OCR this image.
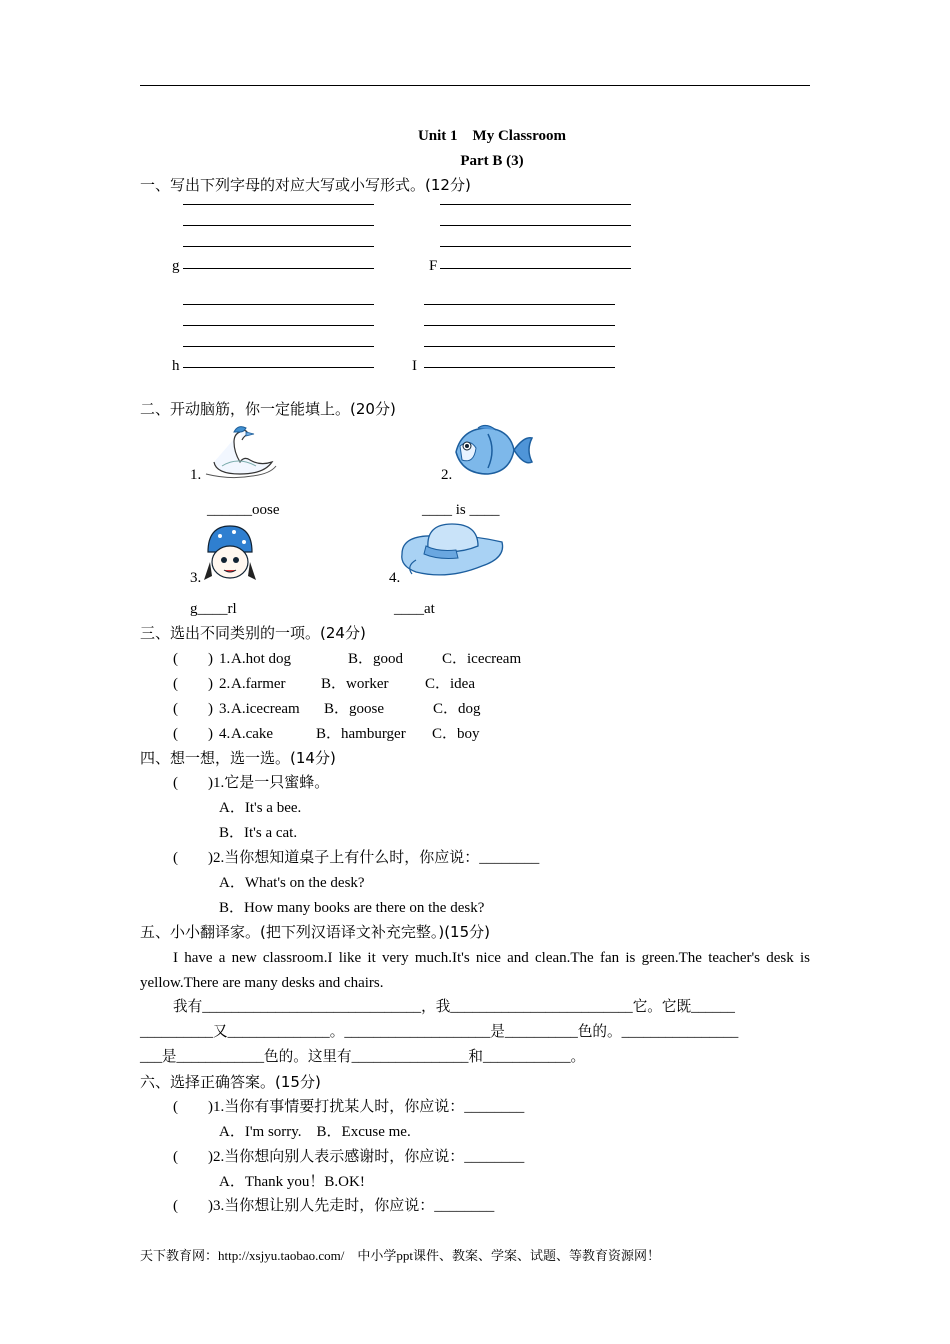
Unit 1　My Classroom
Part B (3)
一、写出下列字母的对应大写或小写形式。(12分)
g	F
h	I
二、开动脑筋，你一定能填上。(20分)
1.	2.
______oose	____ is ____
3.	4.
g____rl	____at
三、选出不同类别的一项。(24分)
(　　) 1. A.hot dog	B．good	C．icecream
(　　) 2. A.farmer B．worker C．idea
(　　) 3. A.icecream B．goose	C．dog
(　　) 4. A.cake	B．hamburger C．boy
四、想一想，选一选。(14分)
(　　)1.它是一只蜜蜂。
A．It's a bee.
B．It's a cat.
(　　)2.当你想知道桌子上有什么时，你应说：________
A．What's on the desk?
B．How many books are there on the desk?
五、小小翻译家。(把下列汉语译文补充完整。)(15分)
I have a new classroom.I like it very much.It's nice and clean.The fan is green.The teacher's desk is yellow.There are many desks and chairs.
我有______________________________，我_________________________它。它既______
__________又______________。____________________是__________色的。________________
___是____________色的。这里有________________和____________。
六、选择正确答案。(15分)
(　　)1.当你有事情要打扰某人时，你应说：________
A．I'm sorry.　B．Excuse me.
(　　)2.当你想向别人表示感谢时，你应说：________
A．Thank you！B.OK!
(　　)3.当你想让别人先走时，你应说：________
天下教育网：http://xsjyu.taobao.com/　中小学ppt课件、教案、学案、试题、等教育资源网！
